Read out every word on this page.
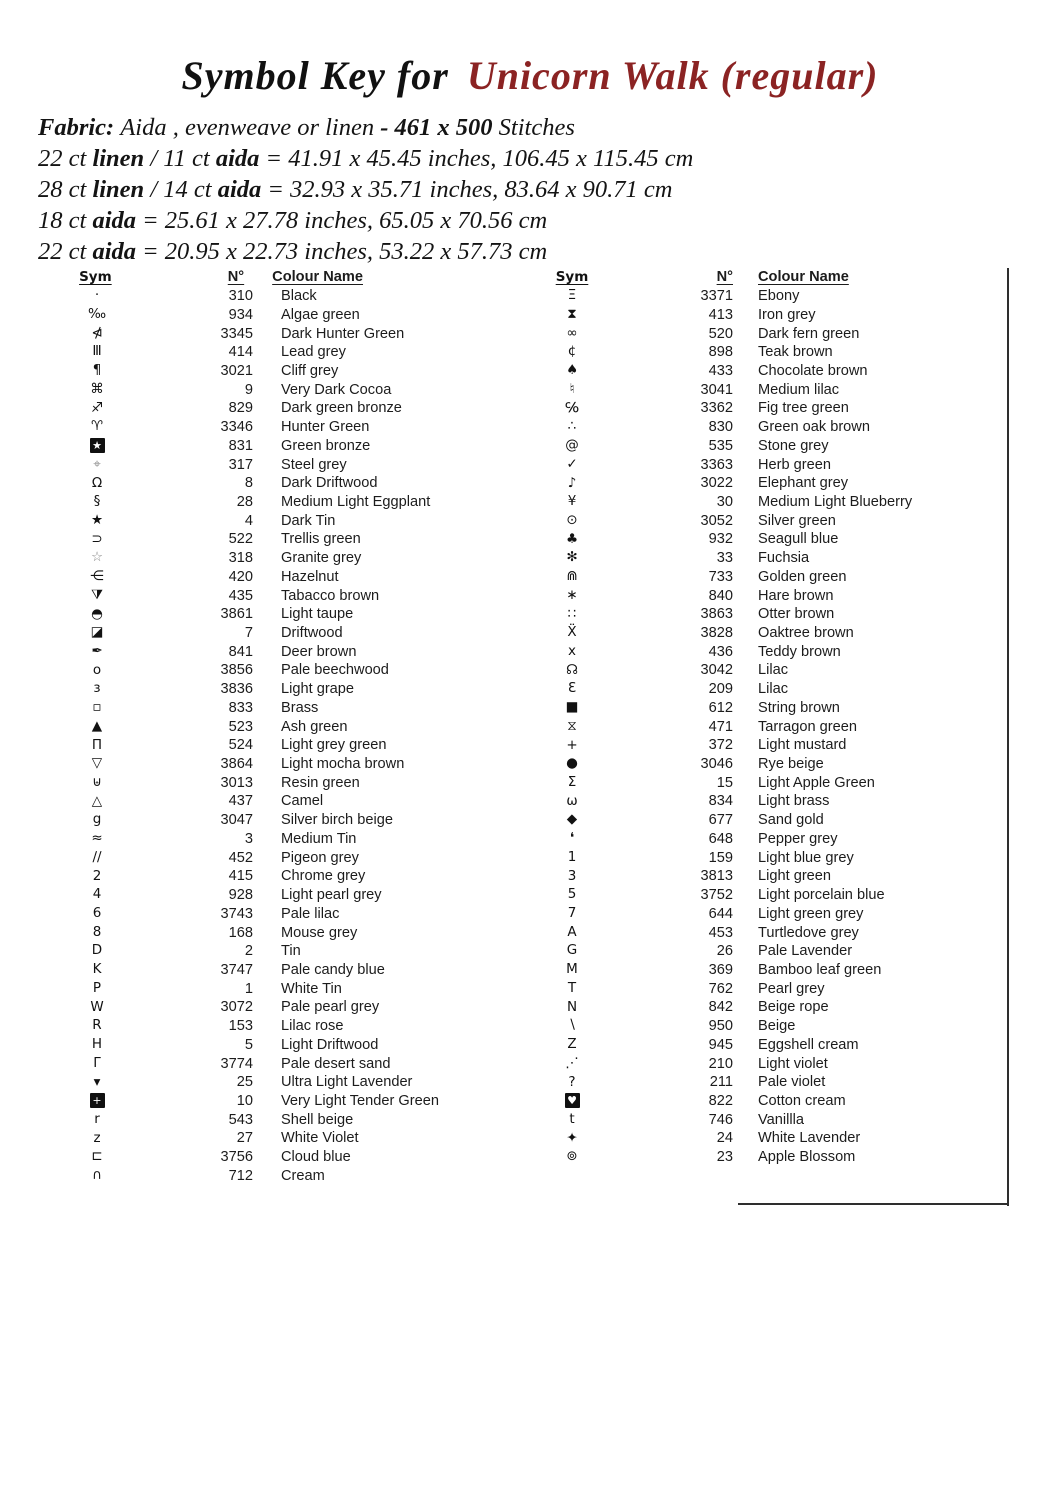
Symbol Key for Unicorn Walk (regular)
Fabric: Aida , evenweave or linen - 461 x 500 Stitches
22 ct linen / 11 ct aida = 41.91 x 45.45 inches, 106.45 x 115.45 cm
28 ct linen / 14 ct aida = 32.93 x 35.71 inches, 83.64 x 90.71 cm
18 ct aida = 25.61 x 27.78 inches, 65.05 x 70.56 cm
22 ct aida = 20.95 x 22.73 inches, 53.22 x 57.73 cm
Sym	N°	Colour Name
·	310	Black
‰	934	Algae green
⋪	3345	Dark Hunter Green
Ⅲ	414	Lead grey
¶	3021	Cliff grey
⌘	9	Very Dark Cocoa
♐	829	Dark green bronze
♈	3346	Hunter Green
★	831	Green bronze
⌖	317	Steel grey
Ω	8	Dark Driftwood
§	28	Medium Light Eggplant
★	4	Dark Tin
⊃	522	Trellis green
☆	318	Granite grey
⋲	420	Hazelnut
⧩	435	Tabacco brown
◓	3861	Light taupe
◪	7	Driftwood
✒	841	Deer brown
o	3856	Pale beechwood
ɜ	3836	Light grape
▫	833	Brass
▲	523	Ash green
Π	524	Light grey green
▽	3864	Light mocha brown
⊎	3013	Resin green
△	437	Camel
g	3047	Silver birch beige
≈	3	Medium Tin
∕∕	452	Pigeon grey
2	415	Chrome grey
4	928	Light pearl grey
6	3743	Pale lilac
8	168	Mouse grey
D	2	Tin
K	3747	Pale candy blue
P	1	White Tin
W	3072	Pale pearl grey
R	153	Lilac rose
H	5	Light Driftwood
Γ	3774	Pale desert sand
▾	25	Ultra Light Lavender
+	10	Very Light Tender Green
r	543	Shell beige
z	27	White Violet
⊏	3756	Cloud blue
∩	712	Cream
Sym	N°	Colour Name
Ξ	3371	Ebony
⧗	413	Iron grey
∞	520	Dark fern green
¢	898	Teak brown
♠	433	Chocolate brown
♮	3041	Medium lilac
℅	3362	Fig tree green
∴	830	Green oak brown
@	535	Stone grey
✓	3363	Herb green
♪	3022	Elephant grey
¥	30	Medium Light Blueberry
⊙	3052	Silver green
♣	932	Seagull blue
✻	33	Fuchsia
⋒	733	Golden green
∗	840	Hare brown
∷	3863	Otter brown
Ẍ	3828	Oaktree brown
x	436	Teddy brown
☊	3042	Lilac
Ɛ	209	Lilac
■	612	String brown
⧖	471	Tarragon green
+	372	Light mustard
●	3046	Rye beige
Σ	15	Light Apple Green
ω	834	Light brass
◆	677	Sand gold
❛	648	Pepper grey
1	159	Light blue grey
3	3813	Light green
5	3752	Light porcelain blue
7	644	Light green grey
A	453	Turtledove grey
G	26	Pale Lavender
M	369	Bamboo leaf green
T	762	Pearl grey
N	842	Beige rope
∖	950	Beige
Z	945	Eggshell cream
⋰	210	Light violet
?	211	Pale violet
♥	822	Cotton cream
t	746	Vanillla
✦	24	White Lavender
⊚	23	Apple Blossom
